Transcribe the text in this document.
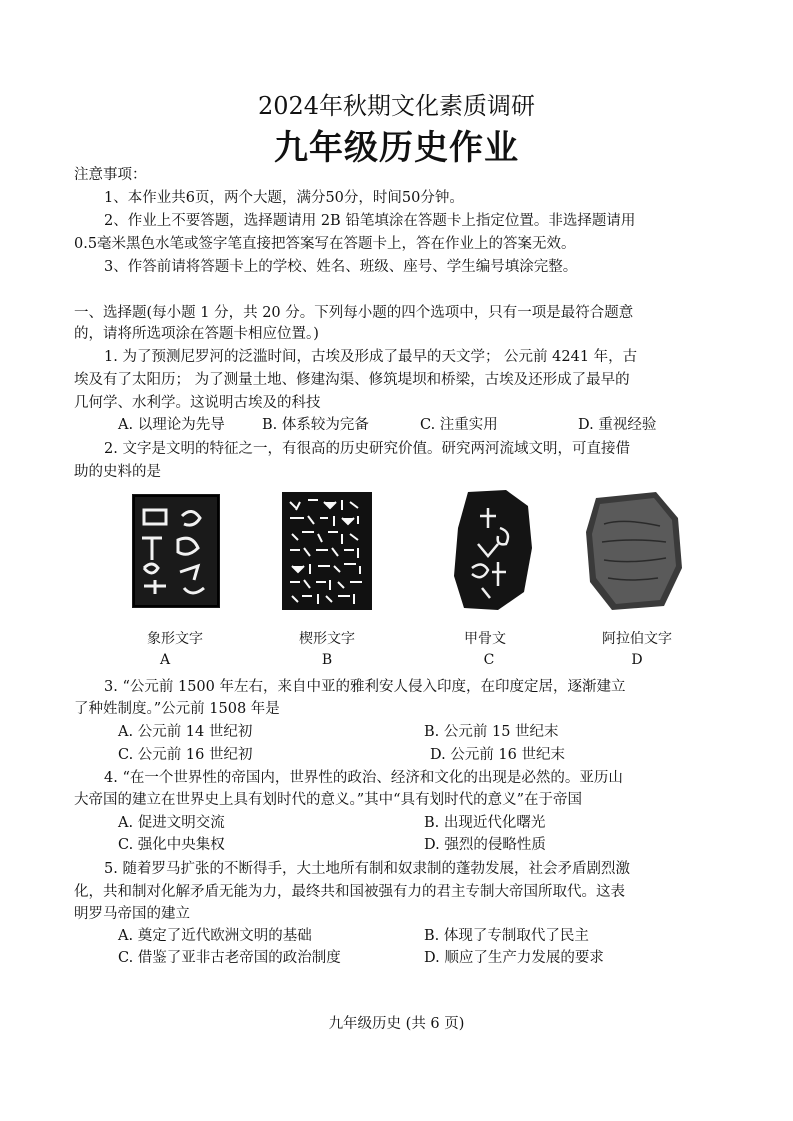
2024年秋期文化素质调研
九年级历史作业
注意事项：
1、本作业共6页，两个大题，满分50分，时间50分钟。
2、作业上不要答题，选择题请用 2B 铅笔填涂在答题卡上指定位置。非选择题请用
0.5毫米黑色水笔或签字笔直接把答案写在答题卡上，答在作业上的答案无效。
3、作答前请将答题卡上的学校、姓名、班级、座号、学生编号填涂完整。
一、选择题(每小题 1 分，共 20 分。下列每小题的四个选项中，只有一项是最符合题意
的，请将所选项涂在答题卡相应位置。)
1. 为了预测尼罗河的泛滥时间，古埃及形成了最早的天文学； 公元前 4241 年，古
埃及有了太阳历； 为了测量土地、修建沟渠、修筑堤坝和桥梁，古埃及还形成了最早的
几何学、水利学。这说明古埃及的科技
A. 以理论为先导	B. 体系较为完备	C. 注重实用	D. 重视经验
2. 文字是文明的特征之一，有很高的历史研究价值。研究两河流域文明，可直接借
助的史料的是
象形文字	楔形文字	甲骨文	阿拉伯文字
A	B	C	D
3. “公元前 1500 年左右，来自中亚的雅利安人侵入印度，在印度定居，逐渐建立
了种姓制度。”公元前 1508 年是
A. 公元前 14 世纪初	B. 公元前 15 世纪末
C. 公元前 16 世纪初	D. 公元前 16 世纪末
4. “在一个世界性的帝国内，世界性的政治、经济和文化的出现是必然的。亚历山
大帝国的建立在世界史上具有划时代的意义。”其中“具有划时代的意义”在于帝国
A. 促进文明交流	B. 出现近代化曙光
C. 强化中央集权	D. 强烈的侵略性质
5. 随着罗马扩张的不断得手，大土地所有制和奴隶制的蓬勃发展，社会矛盾剧烈激
化，共和制对化解矛盾无能为力，最终共和国被强有力的君主专制大帝国所取代。这表
明罗马帝国的建立
A. 奠定了近代欧洲文明的基础	B. 体现了专制取代了民主
C. 借鉴了亚非古老帝国的政治制度	D. 顺应了生产力发展的要求
九年级历史 (共 6 页)
